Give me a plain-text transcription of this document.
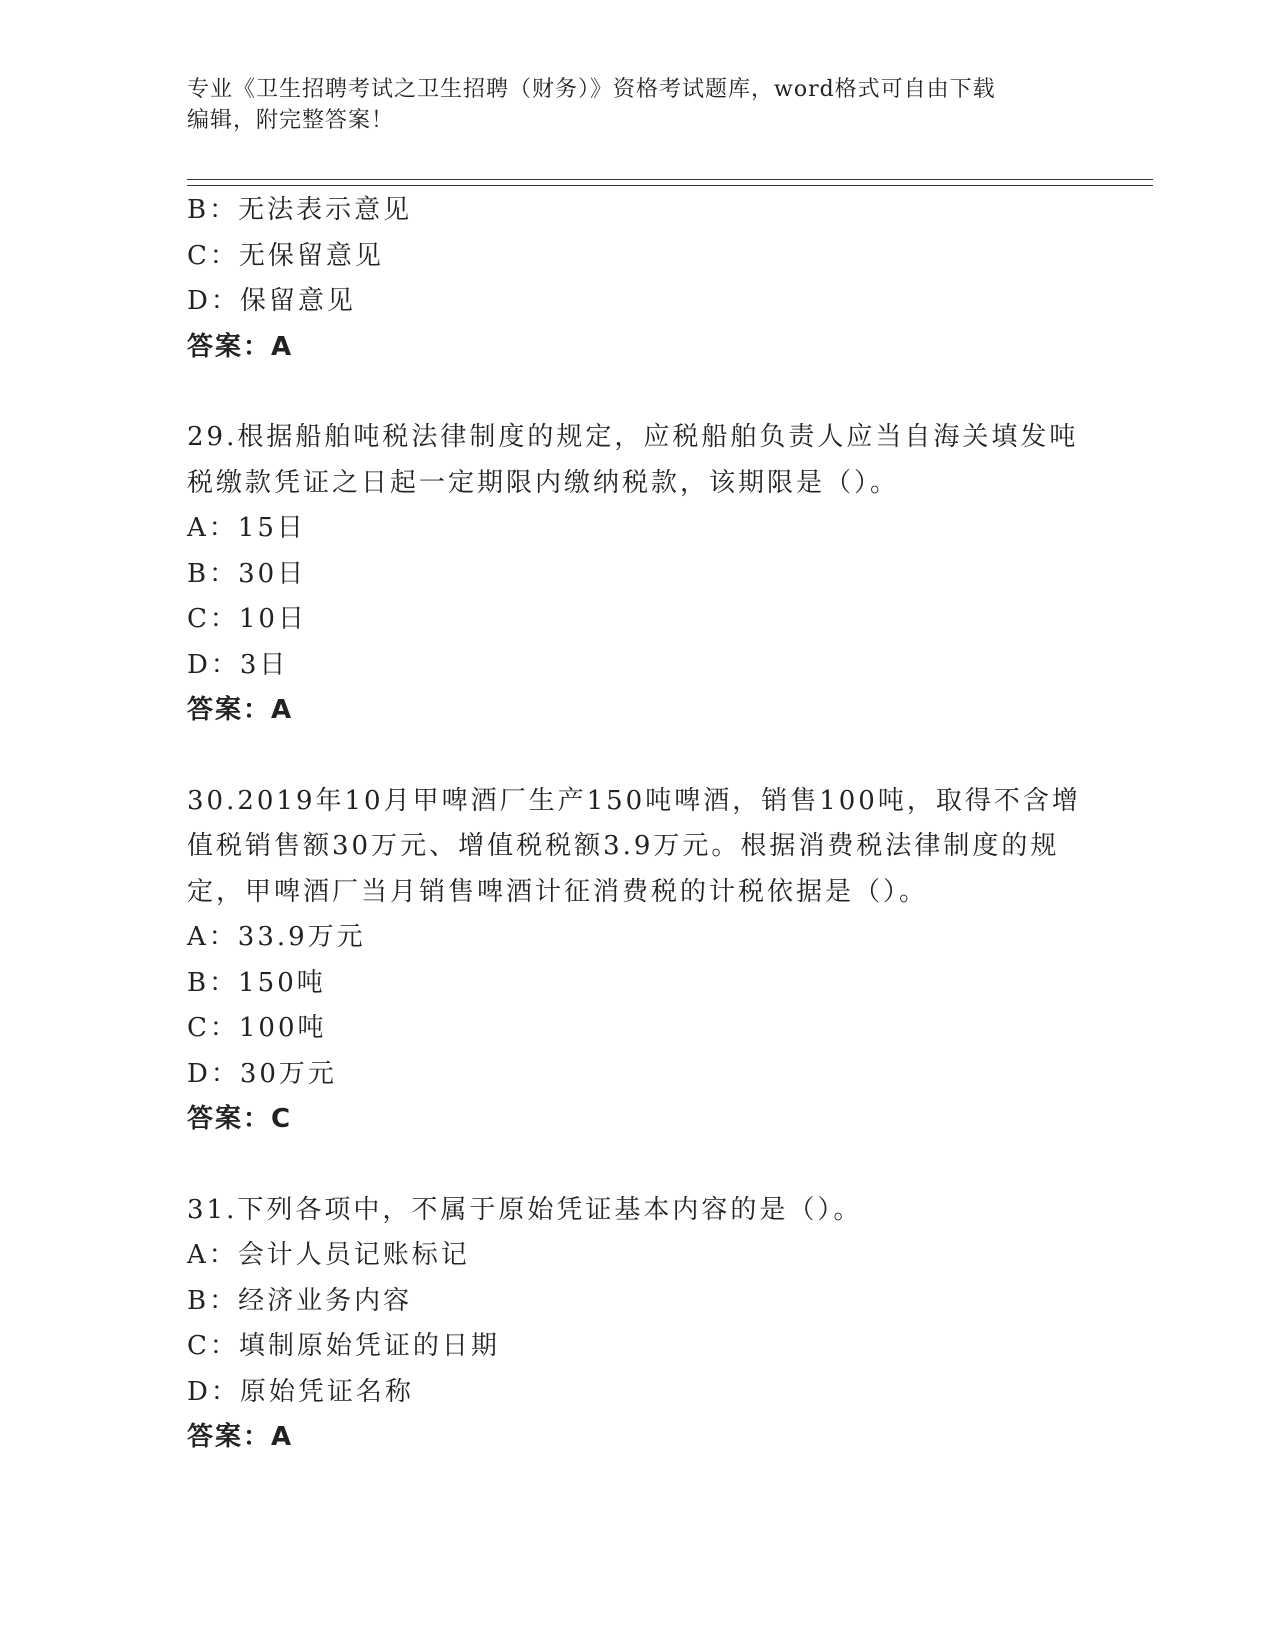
专业《卫生招聘考试之卫生招聘（财务）》资格考试题库，word格式可自由下载
编辑，附完整答案！
B：无法表示意见
C：无保留意见
D：保留意见
答案：A
29.根据船舶吨税法律制度的规定，应税船舶负责人应当自海关填发吨
税缴款凭证之日起一定期限内缴纳税款，该期限是（）。
A：15日
B：30日
C：10日
D：3日
答案：A
30.2019年10月甲啤酒厂生产150吨啤酒，销售100吨，取得不含增
值税销售额30万元、增值税税额3.9万元。根据消费税法律制度的规
定，甲啤酒厂当月销售啤酒计征消费税的计税依据是（）。
A：33.9万元
B：150吨
C：100吨
D：30万元
答案：C
31.下列各项中，不属于原始凭证基本内容的是（）。
A：会计人员记账标记
B：经济业务内容
C：填制原始凭证的日期
D：原始凭证名称
答案：A
